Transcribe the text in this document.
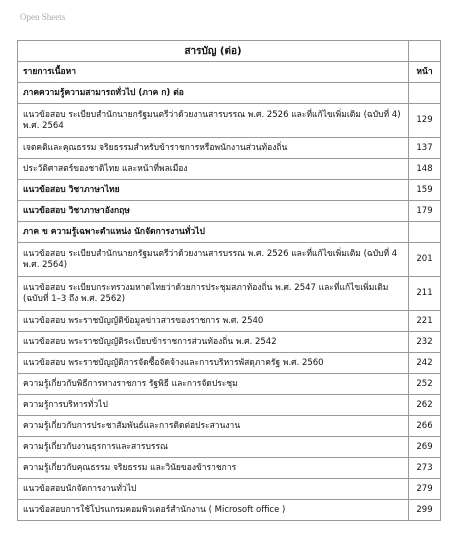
Open Sheets
สารบัญ (ต่อ)	
รายการเนื้อหา	หน้า
ภาคความรู้ความสามารถทั่วไป (ภาค ก) ต่อ	
แนวข้อสอบ ระเบียบสำนักนายกรัฐมนตรีว่าด้วยงานสารบรรณ พ.ศ. 2526 และที่แก้ไขเพิ่มเติม (ฉบับที่ 4) พ.ศ. 2564	129
เจตคติและคุณธรรม จริยธรรมสำหรับข้าราชการหรือพนักงานส่วนท้องถิ่น	137
ประวัติศาสตร์ของชาติไทย และหน้าที่พลเมือง	148
แนวข้อสอบ วิชาภาษาไทย	159
แนวข้อสอบ วิชาภาษาอังกฤษ	179
ภาค ข ความรู้เฉพาะตำแหน่ง นักจัดการงานทั่วไป	
แนวข้อสอบ ระเบียบสำนักนายกรัฐมนตรีว่าด้วยงานสารบรรณ พ.ศ. 2526 และที่แก้ไขเพิ่มเติม (ฉบับที่ 4 พ.ศ. 2564)	201
แนวข้อสอบ ระเบียบกระทรวงมหาดไทยว่าด้วยการประชุมสภาท้องถิ่น พ.ศ. 2547 และที่แก้ไขเพิ่มเติม (ฉบับที่ 1–3 ถึง พ.ศ. 2562)	211
แนวข้อสอบ พระราชบัญญัติข้อมูลข่าวสารของราชการ พ.ศ. 2540	221
แนวข้อสอบ พระราชบัญญัติระเบียบข้าราชการส่วนท้องถิ่น พ.ศ. 2542	232
แนวข้อสอบ พระราชบัญญัติการจัดซื้อจัดจ้างและการบริหารพัสดุภาครัฐ พ.ศ. 2560	242
ความรู้เกี่ยวกับพิธีการทางราชการ รัฐพิธี และการจัดประชุม	252
ความรู้การบริหารทั่วไป	262
ความรู้เกี่ยวกับการประชาสัมพันธ์และการติดต่อประสานงาน	266
ความรู้เกี่ยวกับงานธุรการและสารบรรณ	269
ความรู้เกี่ยวกับคุณธรรม จริยธรรม และวินัยของข้าราชการ	273
แนวข้อสอบนักจัดการงานทั่วไป	279
แนวข้อสอบการใช้โปรแกรมคอมพิวเตอร์สำนักงาน ( Microsoft office )	299
